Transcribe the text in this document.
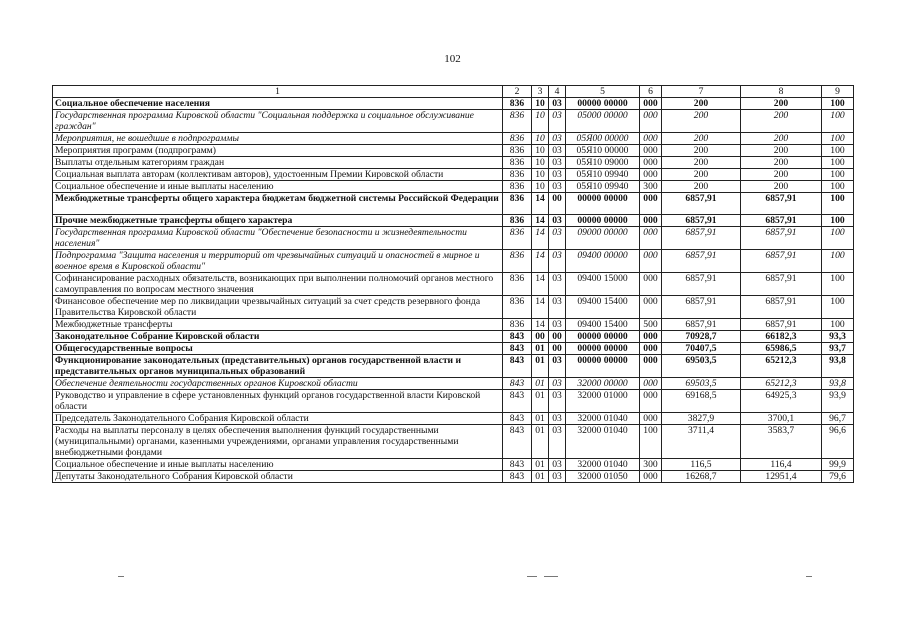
102
1	2	3	4	5	6	7	8	9
Социальное обеспечение населения	836	10	03	00000 00000	000	200	200	100
Государственная программа Кировской области "Социальная поддержка и социальное обслуживание граждан"	836	10	03	05000 00000	000	200	200	100
Мероприятия, не вошедшие в подпрограммы	836	10	03	05Я00 00000	000	200	200	100
Мероприятия программ (подпрограмм)	836	10	03	05Я10 00000	000	200	200	100
Выплаты отдельным категориям граждан	836	10	03	05Я10 09000	000	200	200	100
Социальная выплата авторам (коллективам авторов), удостоенным Премии Кировской области	836	10	03	05Я10 09940	000	200	200	100
Социальное обеспечение и иные выплаты населению	836	10	03	05Я10 09940	300	200	200	100
Межбюджетные трансферты общего характера бюджетам бюджетной системы Российской Федерации	836	14	00	00000 00000	000	6857,91	6857,91	100
Прочие межбюджетные трансферты общего характера	836	14	03	00000 00000	000	6857,91	6857,91	100
Государственная программа Кировской области "Обеспечение безопасности и жизнедеятельности населения"	836	14	03	09000 00000	000	6857,91	6857,91	100
Подпрограмма "Защита населения и территорий от чрезвычайных ситуаций и опасностей в мирное и военное время в Кировской области"	836	14	03	09400 00000	000	6857,91	6857,91	100
Софинансирование расходных обязательств, возникающих при выполнении полномочий органов местного самоуправления по вопросам местного значения	836	14	03	09400 15000	000	6857,91	6857,91	100
Финансовое обеспечение мер по ликвидации чрезвычайных ситуаций за счет средств резервного фонда Правительства Кировской области	836	14	03	09400 15400	000	6857,91	6857,91	100
Межбюджетные трансферты	836	14	03	09400 15400	500	6857,91	6857,91	100
Законодательное Собрание Кировской области	843	00	00	00000 00000	000	70928,7	66182,3	93,3
Общегосударственные вопросы	843	01	00	00000 00000	000	70407,5	65986,5	93,7
Функционирование законодательных (представительных) органов государственной власти и представительных органов муниципальных образований	843	01	03	00000 00000	000	69503,5	65212,3	93,8
Обеспечение деятельности государственных органов Кировской области	843	01	03	32000 00000	000	69503,5	65212,3	93,8
Руководство и управление в сфере установленных функций органов государственной власти Кировской области	843	01	03	32000 01000	000	69168,5	64925,3	93,9
Председатель Законодательного Собрания Кировской области	843	01	03	32000 01040	000	3827,9	3700,1	96,7
Расходы на выплаты персоналу в целях обеспечения выполнения функций государственными (муниципальными) органами, казенными учреждениями, органами управления государственными внебюджетными фондами	843	01	03	32000 01040	100	3711,4	3583,7	96,6
Социальное обеспечение и иные выплаты населению	843	01	03	32000 01040	300	116,5	116,4	99,9
Депутаты Законодательного Собрания Кировской области	843	01	03	32000 01050	000	16268,7	12951,4	79,6
